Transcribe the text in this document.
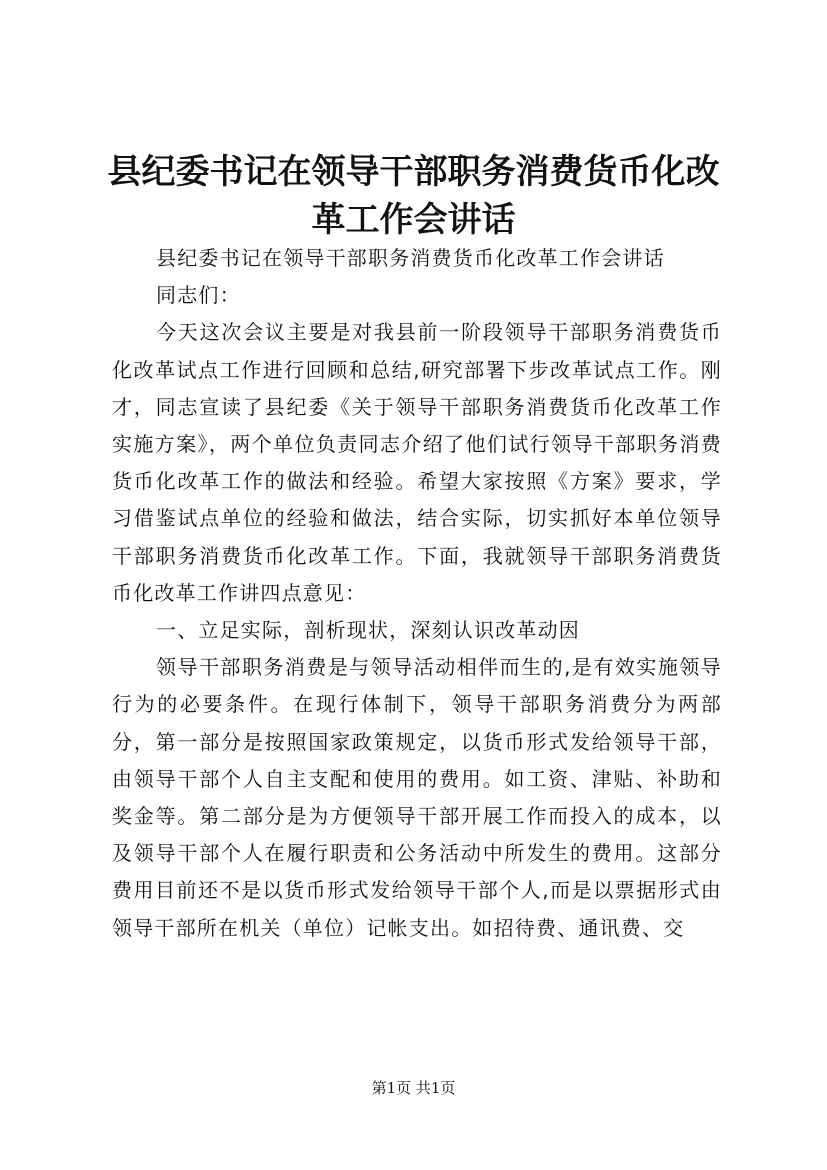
县纪委书记在领导干部职务消费货币化改革工作会讲话

县纪委书记在领导干部职务消费货币化改革工作会讲话

同志们：

今天这次会议主要是对我县前一阶段领导干部职务消费货币化改革试点工作进行回顾和总结,研究部署下步改革试点工作。刚才，同志宣读了县纪委《关于领导干部职务消费货币化改革工作实施方案》，两个单位负责同志介绍了他们试行领导干部职务消费货币化改革工作的做法和经验。希望大家按照《方案》要求，学习借鉴试点单位的经验和做法，结合实际，切实抓好本单位领导干部职务消费货币化改革工作。下面，我就领导干部职务消费货币化改革工作讲四点意见：

一、立足实际，剖析现状，深刻认识改革动因

领导干部职务消费是与领导活动相伴而生的,是有效实施领导行为的必要条件。在现行体制下，领导干部职务消费分为两部分，第一部分是按照国家政策规定，以货币形式发给领导干部，由领导干部个人自主支配和使用的费用。如工资、津贴、补助和奖金等。第二部分是为方便领导干部开展工作而投入的成本，以及领导干部个人在履行职责和公务活动中所发生的费用。这部分费用目前还不是以货币形式发给领导干部个人,而是以票据形式由领导干部所在机关（单位）记帐支出。如招待费、通讯费、交

第1页 共1页
